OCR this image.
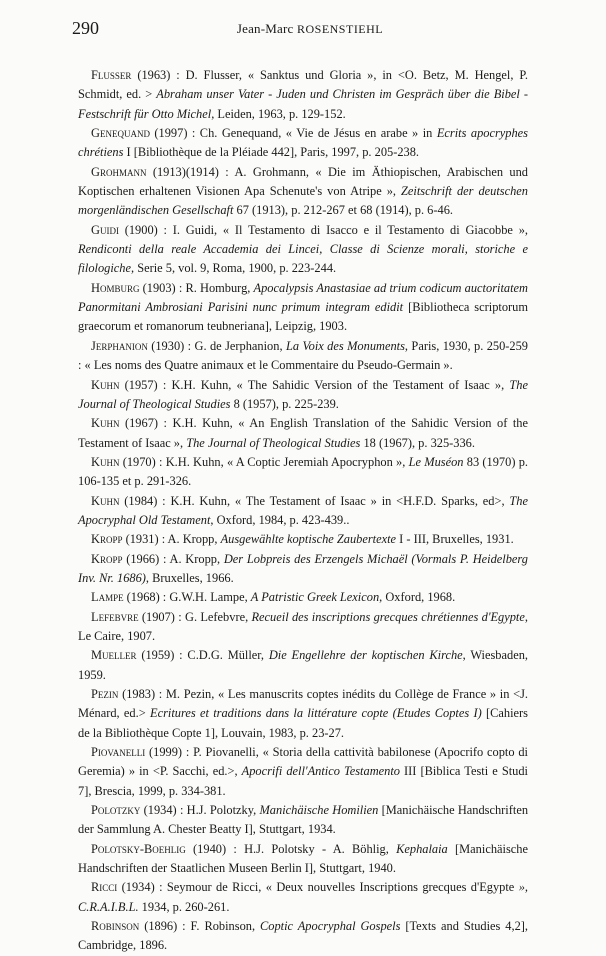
290	Jean-Marc ROSENSTIEHL

Flusser (1963) : D. Flusser, « Sanktus und Gloria », in <O. Betz, M. Hengel, P. Schmidt, ed. > Abraham unser Vater - Juden und Christen im Gespräch über die Bibel - Festschrift für Otto Michel, Leiden, 1963, p. 129-152.

Genequand (1997) : Ch. Genequand, « Vie de Jésus en arabe » in Ecrits apocryphes chrétiens I [Bibliothèque de la Pléiade 442], Paris, 1997, p. 205-238.

Grohmann (1913)(1914) : A. Grohmann, « Die im Äthiopischen, Arabischen und Koptischen erhaltenen Visionen Apa Schenute's von Atripe », Zeitschrift der deutschen morgenländischen Gesellschaft 67 (1913), p. 212-267 et 68 (1914), p. 6-46.

Guidi (1900) : I. Guidi, « Il Testamento di Isacco e il Testamento di Giacobbe », Rendiconti della reale Accademia dei Lincei, Classe di Scienze morali, storiche e filologiche, Serie 5, vol. 9, Roma, 1900, p. 223-244.

Homburg (1903) : R. Homburg, Apocalypsis Anastasiae ad trium codicum auctoritatem Panormitani Ambrosiani Parisini nunc primum integram edidit [Bibliotheca scriptorum graecorum et romanorum teubneriana], Leipzig, 1903.

Jerphanion (1930) : G. de Jerphanion, La Voix des Monuments, Paris, 1930, p. 250-259 : « Les noms des Quatre animaux et le Commentaire du Pseudo-Germain ».

Kuhn (1957) : K.H. Kuhn, « The Sahidic Version of the Testament of Isaac », The Journal of Theological Studies 8 (1957), p. 225-239.

Kuhn (1967) : K.H. Kuhn, « An English Translation of the Sahidic Version of the Testament of Isaac », The Journal of Theological Studies 18 (1967), p. 325-336.

Kuhn (1970) : K.H. Kuhn, « A Coptic Jeremiah Apocryphon », Le Muséon 83 (1970) p. 106-135 et p. 291-326.

Kuhn (1984) : K.H. Kuhn, « The Testament of Isaac » in <H.F.D. Sparks, ed>, The Apocryphal Old Testament, Oxford, 1984, p. 423-439..

Kropp (1931) : A. Kropp, Ausgewählte koptische Zaubertexte I - III, Bruxelles, 1931.

Kropp (1966) : A. Kropp, Der Lobpreis des Erzengels Michaël (Vormals P. Heidelberg Inv. Nr. 1686), Bruxelles, 1966.

Lampe (1968) : G.W.H. Lampe, A Patristic Greek Lexicon, Oxford, 1968.

Lefebvre (1907) : G. Lefebvre, Recueil des inscriptions grecques chrétiennes d'Egypte, Le Caire, 1907.

Mueller (1959) : C.D.G. Müller, Die Engellehre der koptischen Kirche, Wiesbaden, 1959.

Pezin (1983) : M. Pezin, « Les manuscrits coptes inédits du Collège de France » in <J. Ménard, ed.> Ecritures et traditions dans la littérature copte (Etudes Coptes I) [Cahiers de la Bibliothèque Copte 1], Louvain, 1983, p. 23-27.

Piovanelli (1999) : P. Piovanelli, « Storia della cattività babilonese (Apocrifo copto di Geremia) » in <P. Sacchi, ed.>, Apocrifi dell'Antico Testamento III [Biblica Testi e Studi 7], Brescia, 1999, p. 334-381.

Polotzky (1934) : H.J. Polotzky, Manichäische Homilien [Manichäische Handschriften der Sammlung A. Chester Beatty I], Stuttgart, 1934.

Polotsky-Boehlig (1940) : H.J. Polotsky - A. Böhlig, Kephalaia [Manichäische Handschriften der Staatlichen Museen Berlin I], Stuttgart, 1940.

Ricci (1934) : Seymour de Ricci, « Deux nouvelles Inscriptions grecques d'Egypte », C.R.A.I.B.L. 1934, p. 260-261.

Robinson (1896) : F. Robinson, Coptic Apocryphal Gospels [Texts and Studies 4,2], Cambridge, 1896.
